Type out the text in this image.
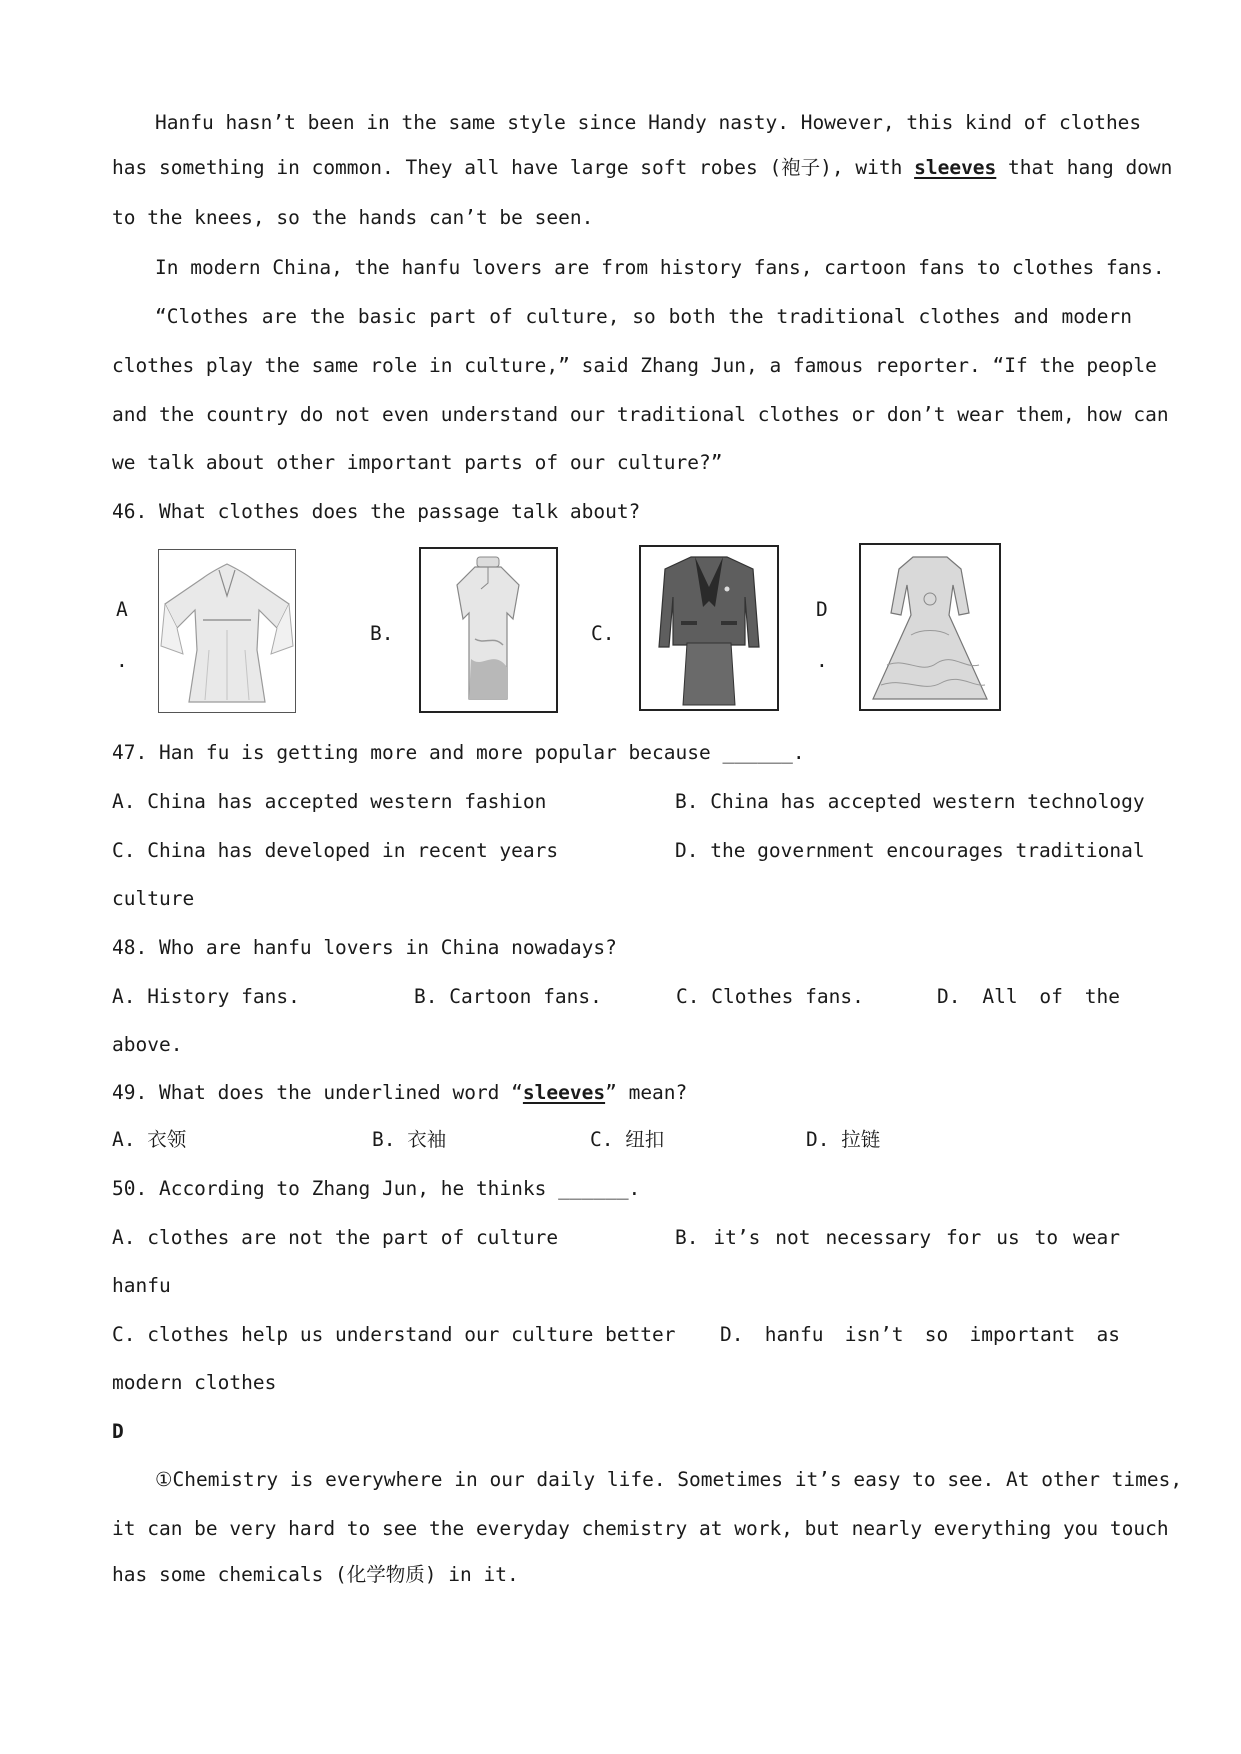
Hanfu hasn’t been in the same style since Handy nasty. However, this kind of clothes
has something in common. They all have large soft robes (袍子), with sleeves that hang down
to the knees, so the hands can’t be seen.
In modern China, the hanfu lovers are from history fans, cartoon fans to clothes fans.
“Clothes are the basic part of culture, so both the traditional clothes and modern
clothes play the same role in culture,” said Zhang Jun, a famous reporter. “If the people
and the country do not even understand our traditional clothes or don’t wear them, how can
we talk about other important parts of our culture?”
46. What clothes does the passage talk about?
A
.
B.	C.
D
.
47. Han fu is getting more and more popular because ______.
A. China has accepted western fashion	B. China has accepted western technology
C. China has developed in recent years	D. the government encourages traditional
culture
48. Who are hanfu lovers in China nowadays?
A. History fans.	B. Cartoon fans.	C. Clothes fans.	D. All of the
above.
49. What does the underlined word “sleeves” mean?
A. 衣领	B. 衣袖	C. 纽扣	D. 拉链
50. According to Zhang Jun, he thinks ______.
A. clothes are not the part of culture	B. it’s not necessary for us to wear
hanfu
C. clothes help us understand our culture better D. hanfu isn’t so important as
modern clothes
D
①Chemistry is everywhere in our daily life. Sometimes it’s easy to see. At other times,
it can be very hard to see the everyday chemistry at work, but nearly everything you touch
has some chemicals (化学物质) in it.
